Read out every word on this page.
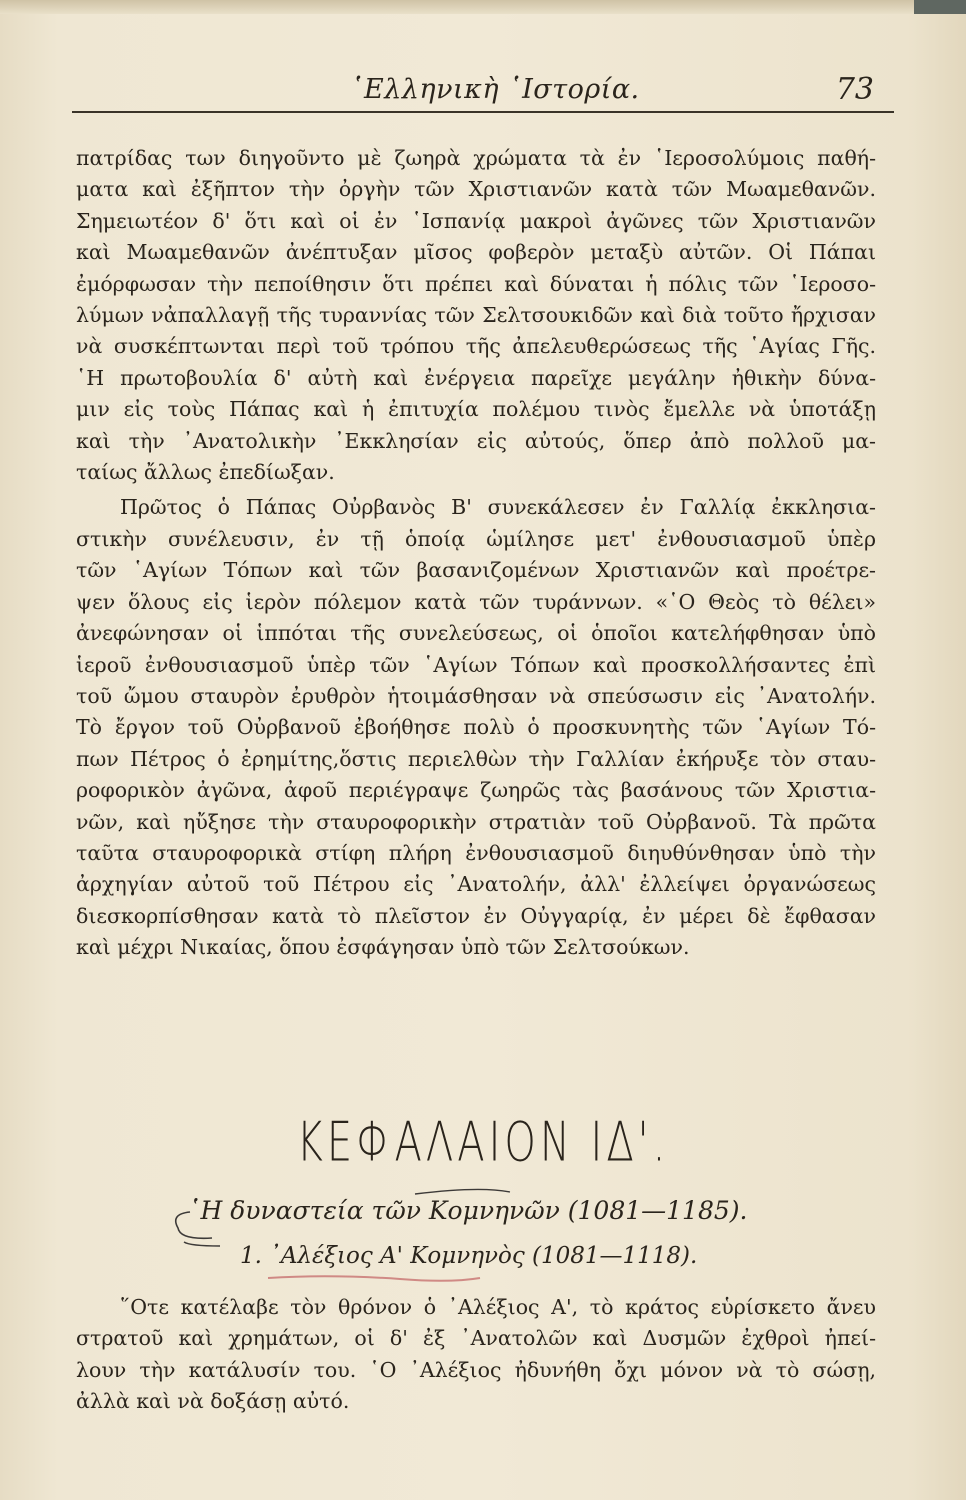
῾Ελληνικὴ ῾Ιστορία.	73
πατρίδας των διηγοῦντο μὲ ζωηρὰ χρώματα τὰ ἐν ῾Ιεροσολύμοις παθή-
ματα καὶ ἐξῆπτον τὴν ὀργὴν τῶν Χριστιανῶν κατὰ τῶν Μωαμεθανῶν.
Σημειωτέον δ' ὅτι καὶ οἱ ἐν ῾Ισπανίᾳ μακροὶ ἀγῶνες τῶν Χριστιανῶν
καὶ Μωαμεθανῶν ἀνέπτυξαν μῖσος φοβερὸν μεταξὺ αὐτῶν. Οἱ Πάπαι
ἐμόρφωσαν τὴν πεποίθησιν ὅτι πρέπει καὶ δύναται ἡ πόλις τῶν ῾Ιεροσο-
λύμων νἀπαλλαγῇ τῆς τυραννίας τῶν Σελτσουκιδῶν καὶ διὰ τοῦτο ἤρχισαν
νὰ συσκέπτωνται περὶ τοῦ τρόπου τῆς ἀπελευθερώσεως τῆς ῾Αγίας Γῆς.
῾Η πρωτοβουλία δ' αὐτὴ καὶ ἐνέργεια παρεῖχε μεγάλην ἠθικὴν δύνα-
μιν εἰς τοὺς Πάπας καὶ ἡ ἐπιτυχία πολέμου τινὸς ἔμελλε νὰ ὑποτάξῃ
καὶ τὴν ᾿Ανατολικὴν ᾿Εκκλησίαν εἰς αὐτούς, ὅπερ ἀπὸ πολλοῦ μα-
ταίως ἄλλως ἐπεδίωξαν.
Πρῶτος ὁ Πάπας Οὐρβανὸς Β' συνεκάλεσεν ἐν Γαλλίᾳ ἐκκλησια-
στικὴν συνέλευσιν, ἐν τῇ ὁποίᾳ ὡμίλησε μετ' ἐνθουσιασμοῦ ὑπὲρ
τῶν ῾Αγίων Τόπων καὶ τῶν βασανιζομένων Χριστιανῶν καὶ προέτρε-
ψεν ὅλους εἰς ἱερὸν πόλεμον κατὰ τῶν τυράννων. «῾Ο Θεὸς τὸ θέλει»
ἀνεφώνησαν οἱ ἱππόται τῆς συνελεύσεως, οἱ ὁποῖοι κατελήφθησαν ὑπὸ
ἱεροῦ ἐνθουσιασμοῦ ὑπὲρ τῶν ῾Αγίων Τόπων καὶ προσκολλήσαντες ἐπὶ
τοῦ ὤμου σταυρὸν ἐρυθρὸν ἡτοιμάσθησαν νὰ σπεύσωσιν εἰς ᾿Ανατολήν.
Τὸ ἔργον τοῦ Οὐρβανοῦ ἐβοήθησε πολὺ ὁ προσκυνητὴς τῶν ῾Αγίων Τό-
πων Πέτρος ὁ ἐρημίτης,ὅστις περιελθὼν τὴν Γαλλίαν ἐκήρυξε τὸν σταυ-
ροφορικὸν ἀγῶνα, ἀφοῦ περιέγραψε ζωηρῶς τὰς βασάνους τῶν Χριστια-
νῶν, καὶ ηὔξησε τὴν σταυροφορικὴν στρατιὰν τοῦ Οὐρβανοῦ. Τὰ πρῶτα
ταῦτα σταυροφορικὰ στίφη πλήρη ἐνθουσιασμοῦ διηυθύνθησαν ὑπὸ τὴν
ἀρχηγίαν αὐτοῦ τοῦ Πέτρου εἰς ᾿Ανατολήν, ἀλλ' ἐλλείψει ὀργανώσεως
διεσκορπίσθησαν κατὰ τὸ πλεῖστον ἐν Οὐγγαρίᾳ, ἐν μέρει δὲ ἔφθασαν
καὶ μέχρι Νικαίας, ὅπου ἐσφάγησαν ὑπὸ τῶν Σελτσούκων.
ΚΕΦΑΛΑΙΟΝ ΙΔ'.
῾Η δυναστεία τῶν Κομνηνῶν (1081—1185).
1. ᾿Αλέξιος Α' Κομνηνὸς (1081—1118).
῞Οτε κατέλαβε τὸν θρόνον ὁ ᾿Αλέξιος Α', τὸ κράτος εὑρίσκετο ἄνευ
στρατοῦ καὶ χρημάτων, οἱ δ' ἐξ ᾿Ανατολῶν καὶ Δυσμῶν ἐχθροὶ ἠπεί-
λουν τὴν κατάλυσίν του. ῾Ο ᾿Αλέξιος ἠδυνήθη ὄχι μόνον νὰ τὸ σώσῃ,
ἀλλὰ καὶ νὰ δοξάσῃ αὐτό.
